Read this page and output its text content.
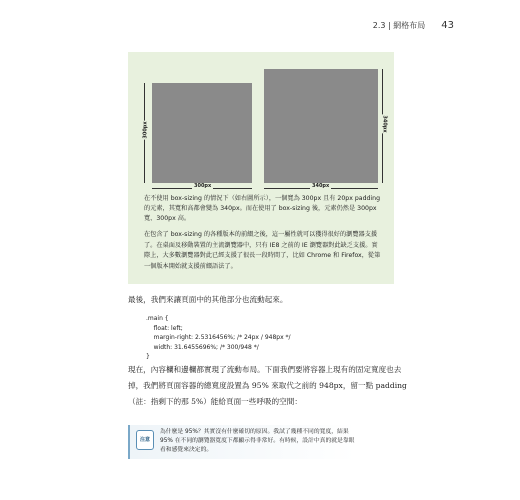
2.3 | 網格布局 43
300px
300px	340px
340px
在不使用 box-sizing 的情況下（如右圖所示），一個寬為 300px 且有 20px padding 的元素，其寬和高都會變為 340px。而在使用了 box-sizing 後，元素仍然是 300px 寬、300px 高。
在包含了 box-sizing 的各種版本的前綴之後，這一屬性就可以獲得很好的瀏覽器支援了。在桌面及移動裝置的主流瀏覽器中，只有 IE8 之前的 IE 瀏覽器對此缺乏支援。實際上，大多數瀏覽器對此已經支援了很長一段時間了，比如 Chrome 和 Firefox，從第一個版本開始就支援前綴語法了。
最後，我們來讓頁面中的其他部分也流動起來。
.main {
float: left;
margin-right: 2.5316456%; /* 24px / 948px */
width: 31.6455696%; /* 300/948 */
}
現在，內容欄和邊欄都實現了流動布局。下面我們要將容器上現有的固定寬度也去掉，我們將頁面容器的總寬度設置為 95% 來取代之前的 948px，留一點 padding（註：指剩下的那 5%）能給頁面一些呼吸的空間：
注意
為什麼是 95%？其實沒有什麼確切的原因。我試了幾種不同的寬度，結果 95% 在不同的瀏覽器寬度下都顯示得非常好。有時候，設計中真的就是靠眼看和感覺來決定的。
